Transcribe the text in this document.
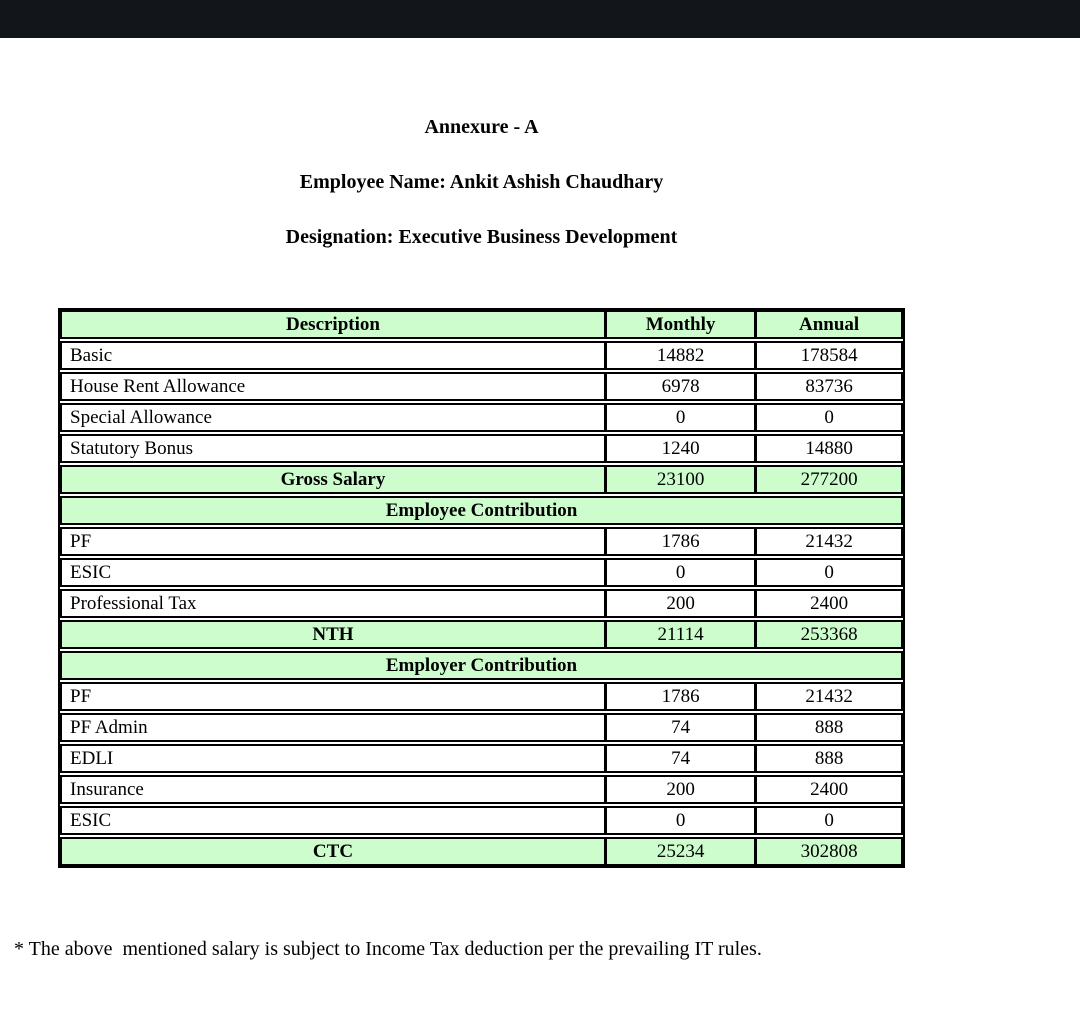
Annexure - A
Employee Name: Ankit Ashish Chaudhary
Designation: Executive Business Development
Description	Monthly	Annual
Basic	14882	178584
House Rent Allowance	6978	83736
Special Allowance	0	0
Statutory Bonus	1240	14880
Gross Salary	23100	277200
Employee Contribution
PF	1786	21432
ESIC	0	0
Professional Tax	200	2400
NTH	21114	253368
Employer Contribution
PF	1786	21432
PF Admin	74	888
EDLI	74	888
Insurance	200	2400
ESIC	0	0
CTC	25234	302808
* The above  mentioned salary is subject to Income Tax deduction per the prevailing IT rules.
